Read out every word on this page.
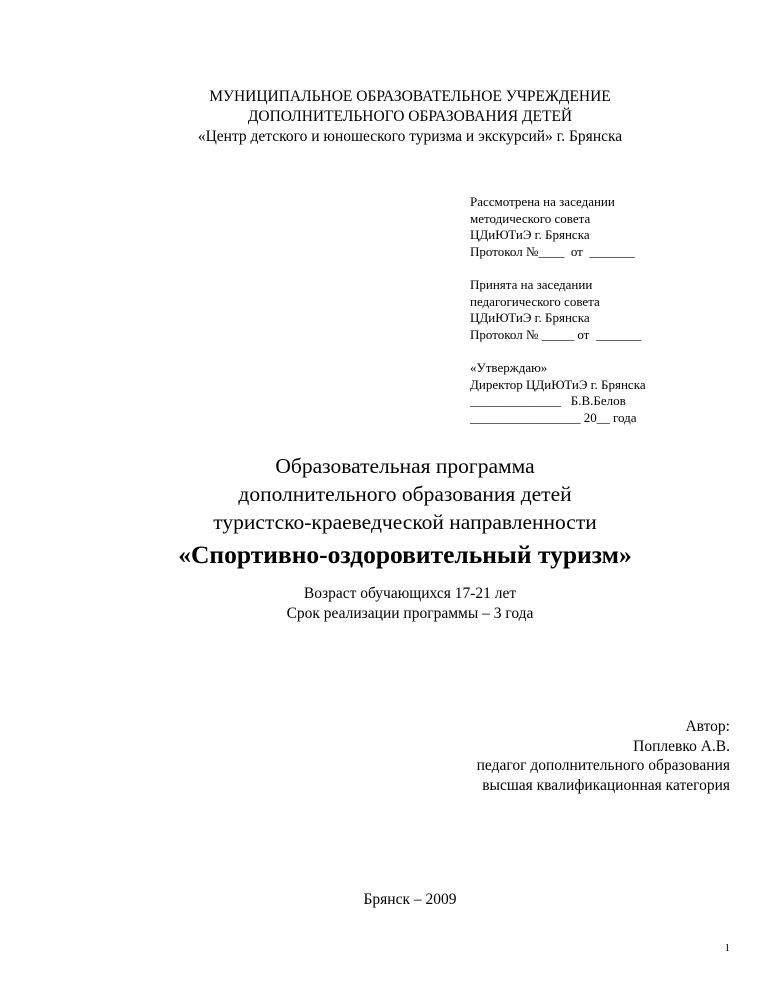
МУНИЦИПАЛЬНОЕ ОБРАЗОВАТЕЛЬНОЕ УЧРЕЖДЕНИЕ
ДОПОЛНИТЕЛЬНОГО ОБРАЗОВАНИЯ ДЕТЕЙ
«Центр детского и юношеского туризма и экскурсий» г. Брянска
Рассмотрена на заседании
методического совета
ЦДиЮТиЭ г. Брянска
Протокол №____  от  _______
Принята на заседании
педагогического совета
ЦДиЮТиЭ г. Брянска
Протокол № _____ от  _______
«Утверждаю»
Директор ЦДиЮТиЭ г. Брянска
______________   Б.В.Белов
_________________ 20__ года
Образовательная программа
дополнительного образования детей
туристско-краеведческой направленности
«Спортивно-оздоровительный туризм»
Возраст обучающихся 17-21 лет
Срок реализации программы – 3 года
Автор:
Поплевко А.В.
педагог дополнительного образования
высшая квалификационная категория
Брянск – 2009
1
